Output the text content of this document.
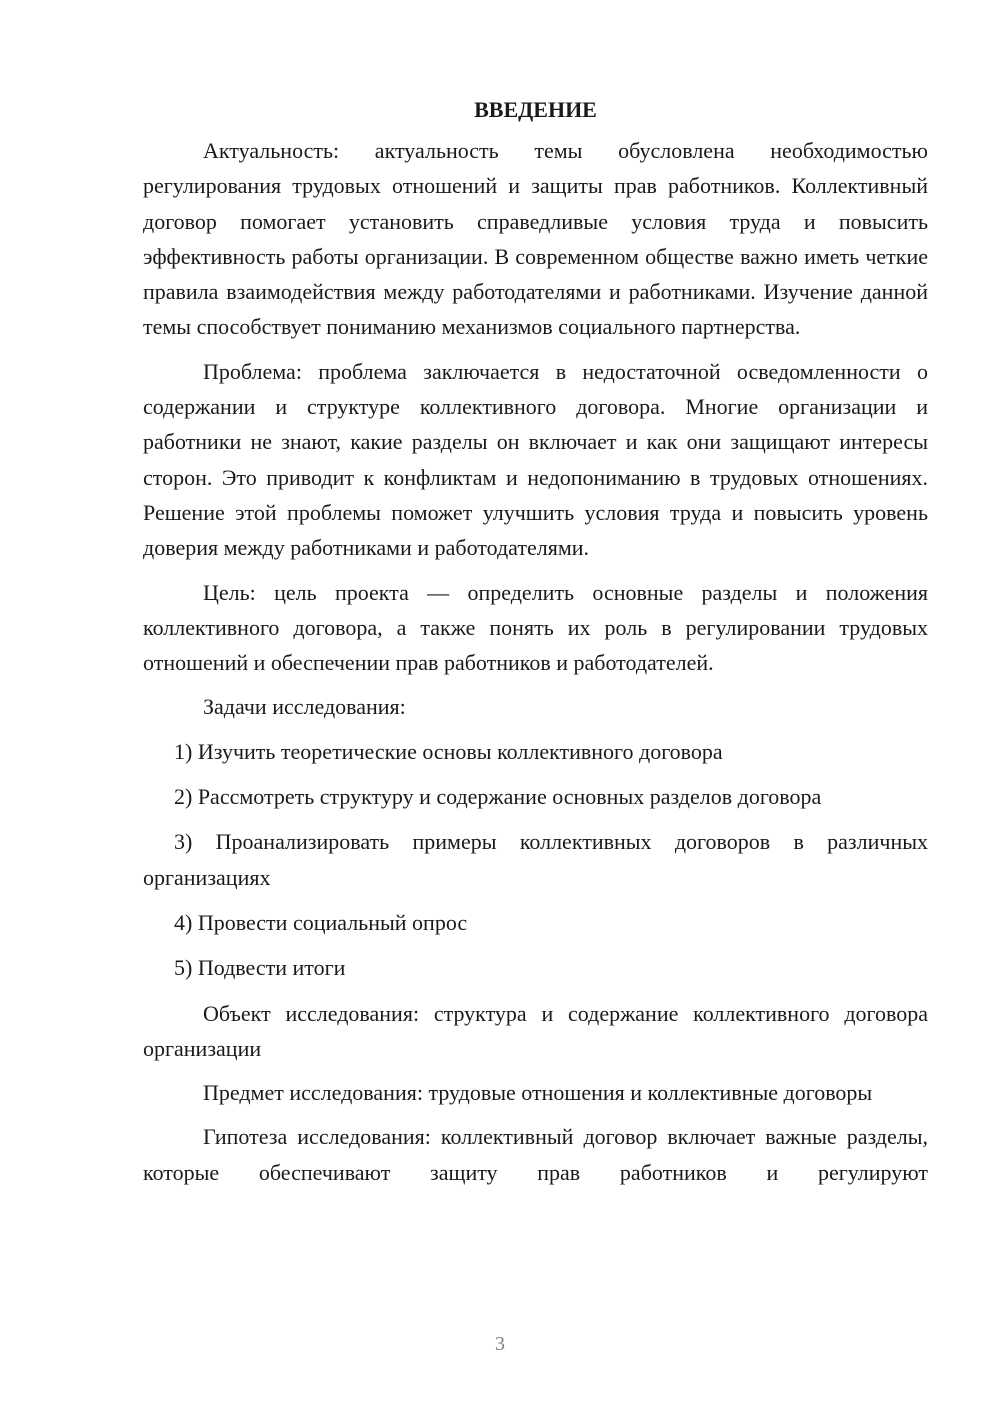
ВВЕДЕНИЕ

Актуальность: актуальность темы обусловлена необходимостью регулирования трудовых отношений и защиты прав работников. Коллективный договор помогает установить справедливые условия труда и повысить эффективность работы организации. В современном обществе важно иметь четкие правила взаимодействия между работодателями и работниками. Изучение данной темы способствует пониманию механизмов социального партнерства.

Проблема: проблема заключается в недостаточной осведомленности о содержании и структуре коллективного договора. Многие организации и работники не знают, какие разделы он включает и как они защищают интересы сторон. Это приводит к конфликтам и недопониманию в трудовых отношениях. Решение этой проблемы поможет улучшить условия труда и повысить уровень доверия между работниками и работодателями.

Цель: цель проекта — определить основные разделы и положения коллективного договора, а также понять их роль в регулировании трудовых отношений и обеспечении прав работников и работодателей.

Задачи исследования:

1) Изучить теоретические основы коллективного договора

2) Рассмотреть структуру и содержание основных разделов договора

3) Проанализировать примеры коллективных договоров в различных организациях

4) Провести социальный опрос

5) Подвести итоги

Объект исследования: структура и содержание коллективного договора организации

Предмет исследования: трудовые отношения и коллективные договоры

Гипотеза исследования: коллективный договор включает важные разделы, которые обеспечивают защиту прав работников и регулируют

3
